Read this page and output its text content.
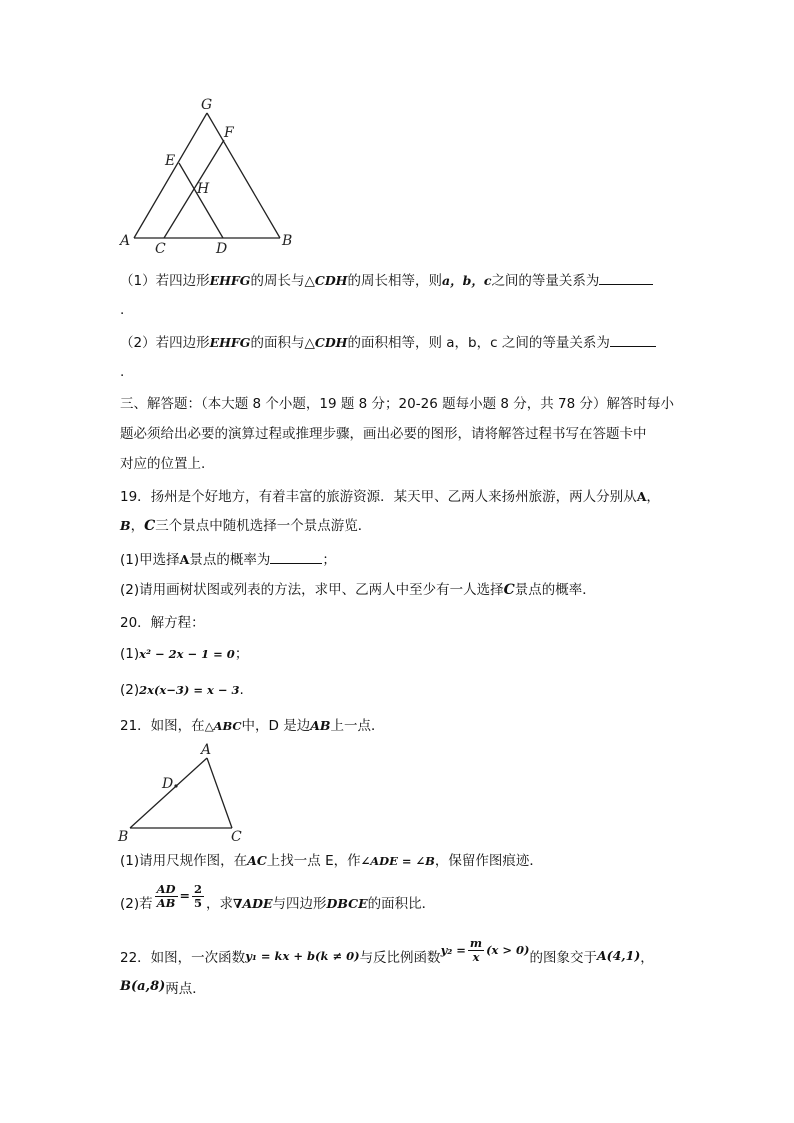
G
F
E
H
A C	D	B
（1）若四边形EHFG的周长与△CDH的周长相等，则a，b，c之间的等量关系为
.
（2）若四边形EHFG的面积与△CDH的面积相等，则 a，b，c 之间的等量关系为
.
三、解答题：（本大题 8 个小题，19 题 8 分；20-26 题每小题 8 分，共 78 分）解答时每小
题必须给出必要的演算过程或推理步骤，画出必要的图形，请将解答过程书写在答题卡中
对应的位置上.
19．扬州是个好地方，有着丰富的旅游资源．某天甲、乙两人来扬州旅游，两人分别从A，
B，C三个景点中随机选择一个景点游览．
(1)甲选择A景点的概率为	；
(2)请用画树状图或列表的方法，求甲、乙两人中至少有一人选择C景点的概率．
20．解方程：
(1)x² − 2x − 1 = 0；
(2)2x(x−3) = x − 3.
21．如图，在△ABC中，D 是边AB上一点．
A
D
B	C
(1)请用尺规作图，在AC上找一点 E，作∠ADE = ∠B，保留作图痕迹．
(2)若 $\frac{AD}{AB} = \frac{2}{5}$ ，求∇ADE与四边形DBCE的面积比．
22．如图，一次函数y₁ = kx + b(k ≠ 0)与反比例函数$y_2 = \frac{m}{x} (x > 0)$的图象交于A(4,1)，
B(a,8)两点．
